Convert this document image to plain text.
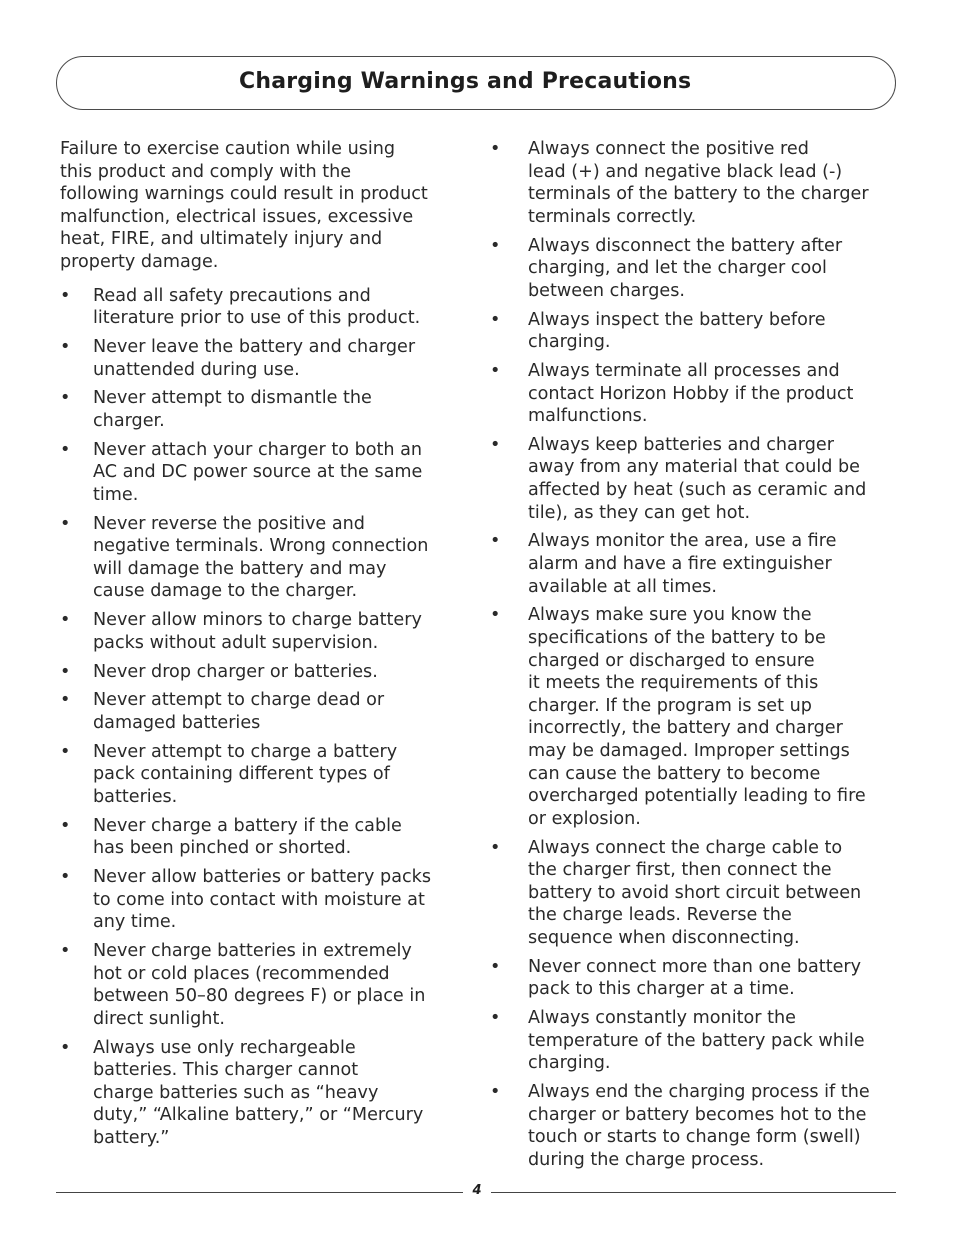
Charging Warnings and Precautions

Failure to exercise caution while using
this product and comply with the
following warnings could result in product
malfunction, electrical issues, excessive
heat, FIRE, and ultimately injury and
property damage.

•	Read all safety precautions and
literature prior to use of this product.
•	Never leave the battery and charger
unattended during use.
•	Never attempt to dismantle the
charger.
•	Never attach your charger to both an
AC and DC power source at the same
time.
•	Never reverse the positive and
negative terminals. Wrong connection
will damage the battery and may
cause damage to the charger.
•	Never allow minors to charge battery
packs without adult supervision.
•	Never drop charger or batteries.
•	Never attempt to charge dead or
damaged batteries
•	Never attempt to charge a battery
pack containing different types of
batteries.
•	Never charge a battery if the cable
has been pinched or shorted.
•	Never allow batteries or battery packs
to come into contact with moisture at
any time.
•	Never charge batteries in extremely
hot or cold places (recommended
between 50–80 degrees F) or place in
direct sunlight.
•	Always use only rechargeable
batteries. This charger cannot
charge batteries such as “heavy
duty,” “Alkaline battery,” or “Mercury
battery.”
•	Always connect the positive red
lead (+) and negative black lead (-)
terminals of the battery to the charger
terminals correctly.
•	Always disconnect the battery after
charging, and let the charger cool
between charges.
•	Always inspect the battery before
charging.
•	Always terminate all processes and
contact Horizon Hobby if the product
malfunctions.
•	Always keep batteries and charger
away from any material that could be
affected by heat (such as ceramic and
tile), as they can get hot.
•	Always monitor the area, use a fire
alarm and have a fire extinguisher
available at all times.
•	Always make sure you know the
specifications of the battery to be
charged or discharged to ensure
it meets the requirements of this
charger. If the program is set up
incorrectly, the battery and charger
may be damaged. Improper settings
can cause the battery to become
overcharged potentially leading to fire
or explosion.
•	Always connect the charge cable to
the charger first, then connect the
battery to avoid short circuit between
the charge leads. Reverse the
sequence when disconnecting.
•	Never connect more than one battery
pack to this charger at a time.
•	Always constantly monitor the
temperature of the battery pack while
charging.
•	Always end the charging process if the
charger or battery becomes hot to the
touch or starts to change form (swell)
during the charge process.
4
